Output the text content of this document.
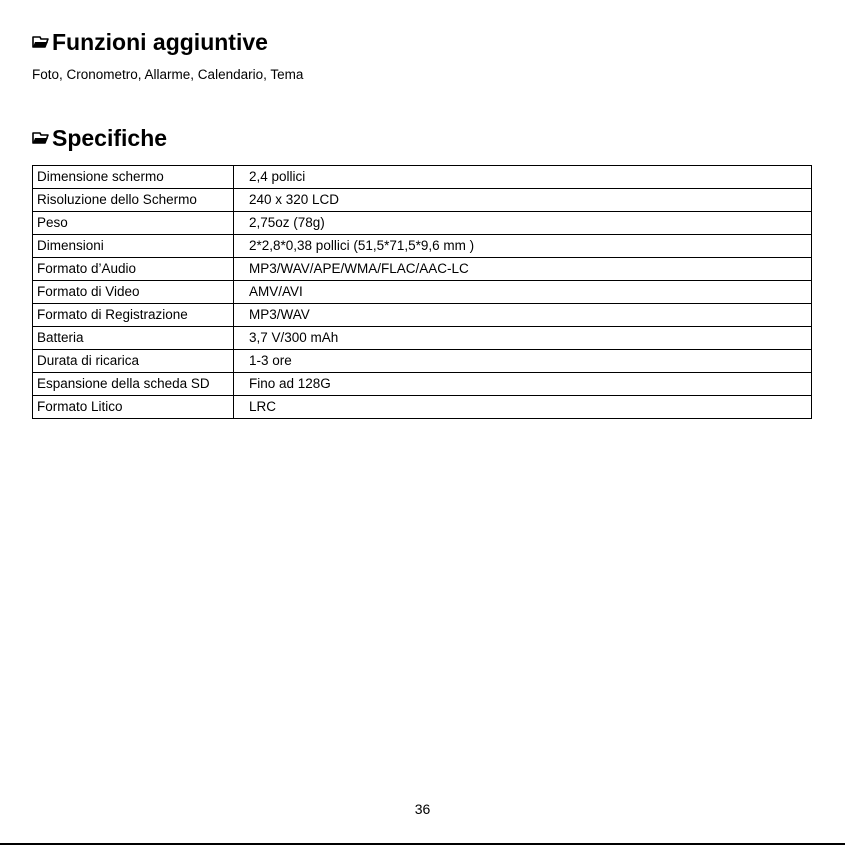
Funzioni aggiuntive
Foto, Cronometro, Allarme, Calendario, Tema
Specifiche
Dimensione schermo	2,4 pollici
Risoluzione dello Schermo	240 x 320 LCD
Peso	2,75oz (78g)
Dimensioni	2*2,8*0,38 pollici (51,5*71,5*9,6 mm )
Formato d’Audio	MP3/WAV/APE/WMA/FLAC/AAC-LC
Formato di Video	AMV/AVI
Formato di Registrazione	MP3/WAV
Batteria	3,7 V/300 mAh
Durata di ricarica	1-3 ore
Espansione della scheda SD	Fino ad 128G
Formato Litico	LRC
36
